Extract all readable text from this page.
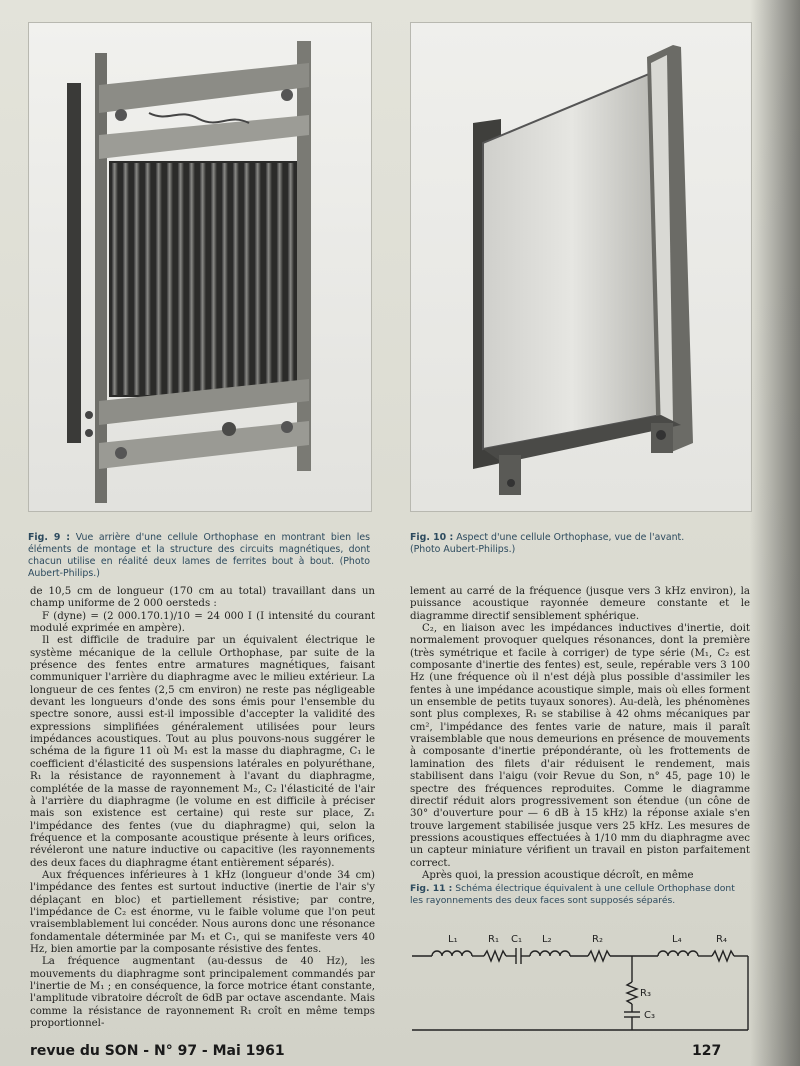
Fig. 9 : Vue arrière d'une cellule Orthophase en montrant bien les éléments de montage et la structure des circuits magnétiques, dont chacun utilise en réalité deux lames de ferrites bout à bout. (Photo Aubert-Philips.)
Fig. 10 : Aspect d'une cellule Orthophase, vue de l'avant.
(Photo Aubert-Philips.)

de 10,5 cm de longueur (170 cm au total) travaillant dans un champ uniforme de 2 000 oersteds :

F (dyne) = (2 000.170.1)/10 = 24 000 I (I intensité du courant modulé exprimée en ampère).

Il est difficile de traduire par un équivalent électrique le système mécanique de la cellule Orthophase, par suite de la présence des fentes entre armatures magnétiques, faisant communiquer l'arrière du diaphragme avec le milieu extérieur. La longueur de ces fentes (2,5 cm environ) ne reste pas négligeable devant les longueurs d'onde des sons émis pour l'ensemble du spectre sonore, aussi est-il impossible d'accepter la validité des expressions simplifiées généralement utilisées pour leurs impédances acoustiques. Tout au plus pouvons-nous suggérer le schéma de la figure 11 où M₁ est la masse du diaphragme, C₁ le coefficient d'élasticité des suspensions latérales en polyuréthane, R₁ la résistance de rayonnement à l'avant du diaphragme, complétée de la masse de rayonnement M₂, C₂ l'élasticité de l'air à l'arrière du diaphragme (le volume en est difficile à préciser mais son existence est certaine) qui reste sur place, Z₁ l'impédance des fentes (vue du diaphragme) qui, selon la fréquence et la composante acoustique présente à leurs orifices, révéleront une nature inductive ou capacitive (les rayonnements des deux faces du diaphragme étant entièrement séparés).

Aux fréquences inférieures à 1 kHz (longueur d'onde 34 cm) l'impédance des fentes est surtout inductive (inertie de l'air s'y déplaçant en bloc) et partiellement résistive; par contre, l'impédance de C₂ est énorme, vu le faible volume que l'on peut vraisemblablement lui concéder. Nous aurons donc une résonance fondamentale déterminée par M₁ et C₁, qui se manifeste vers 40 Hz, bien amortie par la composante résistive des fentes.

La fréquence augmentant (au-dessus de 40 Hz), les mouvements du diaphragme sont principalement commandés par l'inertie de M₁ ; en conséquence, la force motrice étant constante, l'amplitude vibratoire décroît de 6dB par octave ascendante. Mais comme la résistance de rayonnement R₁ croît en même temps proportionnel-

lement au carré de la fréquence (jusque vers 3 kHz environ), la puissance acoustique rayonnée demeure constante et le diagramme directif sensiblement sphérique.

C₂, en liaison avec les impédances inductives d'inertie, doit normalement provoquer quelques résonances, dont la première (très symétrique et facile à corriger) de type série (M₁, C₂ est composante d'inertie des fentes) est, seule, repérable vers 3 100 Hz (une fréquence où il n'est déjà plus possible d'assimiler les fentes à une impédance acoustique simple, mais où elles forment un ensemble de petits tuyaux sonores). Au-delà, les phénomènes sont plus complexes, R₁ se stabilise à 42 ohms mécaniques par cm², l'impédance des fentes varie de nature, mais il paraît vraisemblable que nous demeurions en présence de mouvements à composante d'inertie prépondérante, où les frottements de lamination des filets d'air réduisent le rendement, mais stabilisent dans l'aigu (voir Revue du Son, n° 45, page 10) le spectre des fréquences reproduites. Comme le diagramme directif réduit alors progressivement son étendue (un cône de 30° d'ouverture pour — 6 dB à 15 kHz) la réponse axiale s'en trouve largement stabilisée jusque vers 25 kHz. Les mesures de pressions acoustiques effectuées à 1/10 mm du diaphragme avec un capteur miniature vérifient un travail en piston parfaitement correct.

Après quoi, la pression acoustique décroît, en même

Fig. 11 : Schéma électrique équivalent à une cellule Orthophase dont les rayonnements des deux faces sont supposés séparés.
L₁	R₁ C₁ L₂	R₂	L₄	R₄
R₃
C₃
revue du SON - N° 97 - Mai 1961	127
